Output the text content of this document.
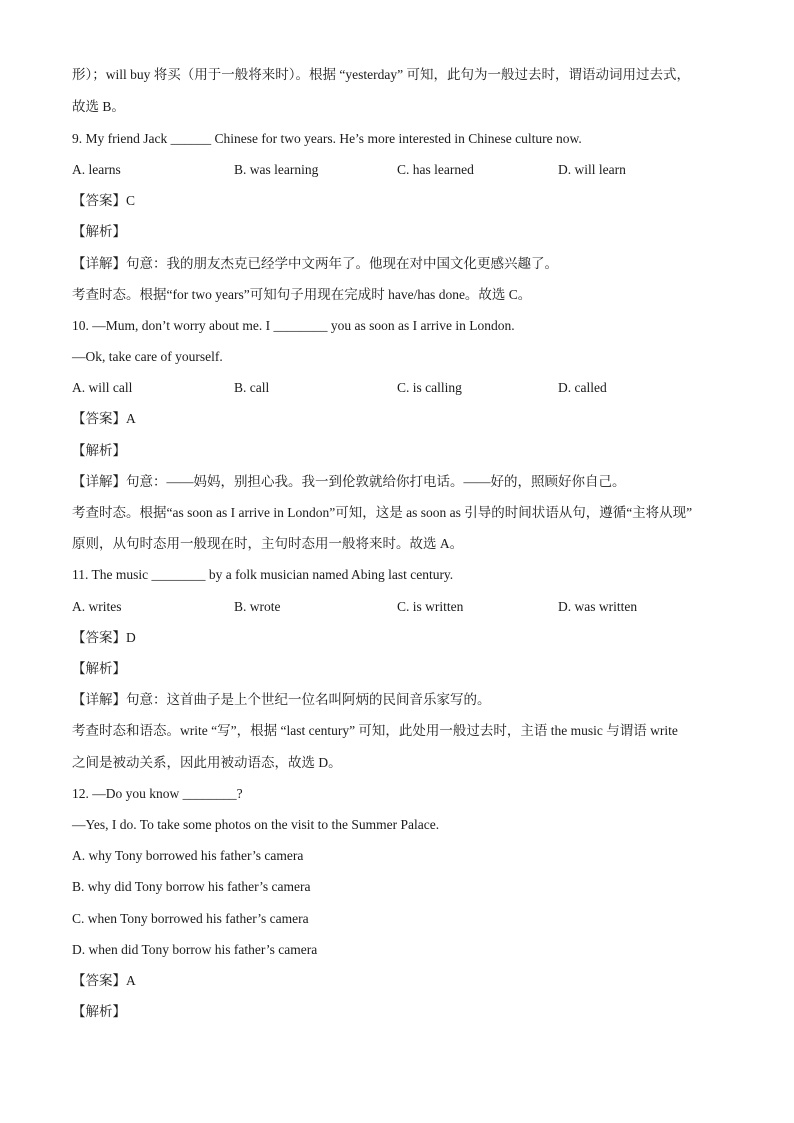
形）；will buy 将买（用于一般将来时）。根据 “yesterday” 可知，此句为一般过去时，谓语动词用过去式，
故选 B。
9. My friend Jack ______ Chinese for two years. He’s more interested in Chinese culture now.
A. learns	B. was learning	C. has learned	D. will learn
【答案】C
【解析】
【详解】句意：我的朋友杰克已经学中文两年了。他现在对中国文化更感兴趣了。
考查时态。根据“for two years”可知句子用现在完成时 have/has done。故选 C。
10. —Mum, don’t worry about me. I ________ you as soon as I arrive in London.
—Ok, take care of yourself.
A. will call	B. call	C. is calling	D. called
【答案】A
【解析】
【详解】句意：——妈妈，别担心我。我一到伦敦就给你打电话。——好的，照顾好你自己。
考查时态。根据“as soon as I arrive in London”可知，这是 as soon as 引导的时间状语从句，遵循“主将从现”
原则，从句时态用一般现在时，主句时态用一般将来时。故选 A。
11. The music ________ by a folk musician named Abing last century.
A. writes	B. wrote	C. is written	D. was written
【答案】D
【解析】
【详解】句意：这首曲子是上个世纪一位名叫阿炳的民间音乐家写的。
考查时态和语态。write “写”，根据 “last century” 可知，此处用一般过去时，主语 the music 与谓语 write
之间是被动关系，因此用被动语态，故选 D。
12. —Do you know ________?
—Yes, I do. To take some photos on the visit to the Summer Palace.
A. why Tony borrowed his father’s camera
B. why did Tony borrow his father’s camera
C. when Tony borrowed his father’s camera
D. when did Tony borrow his father’s camera
【答案】A
【解析】
